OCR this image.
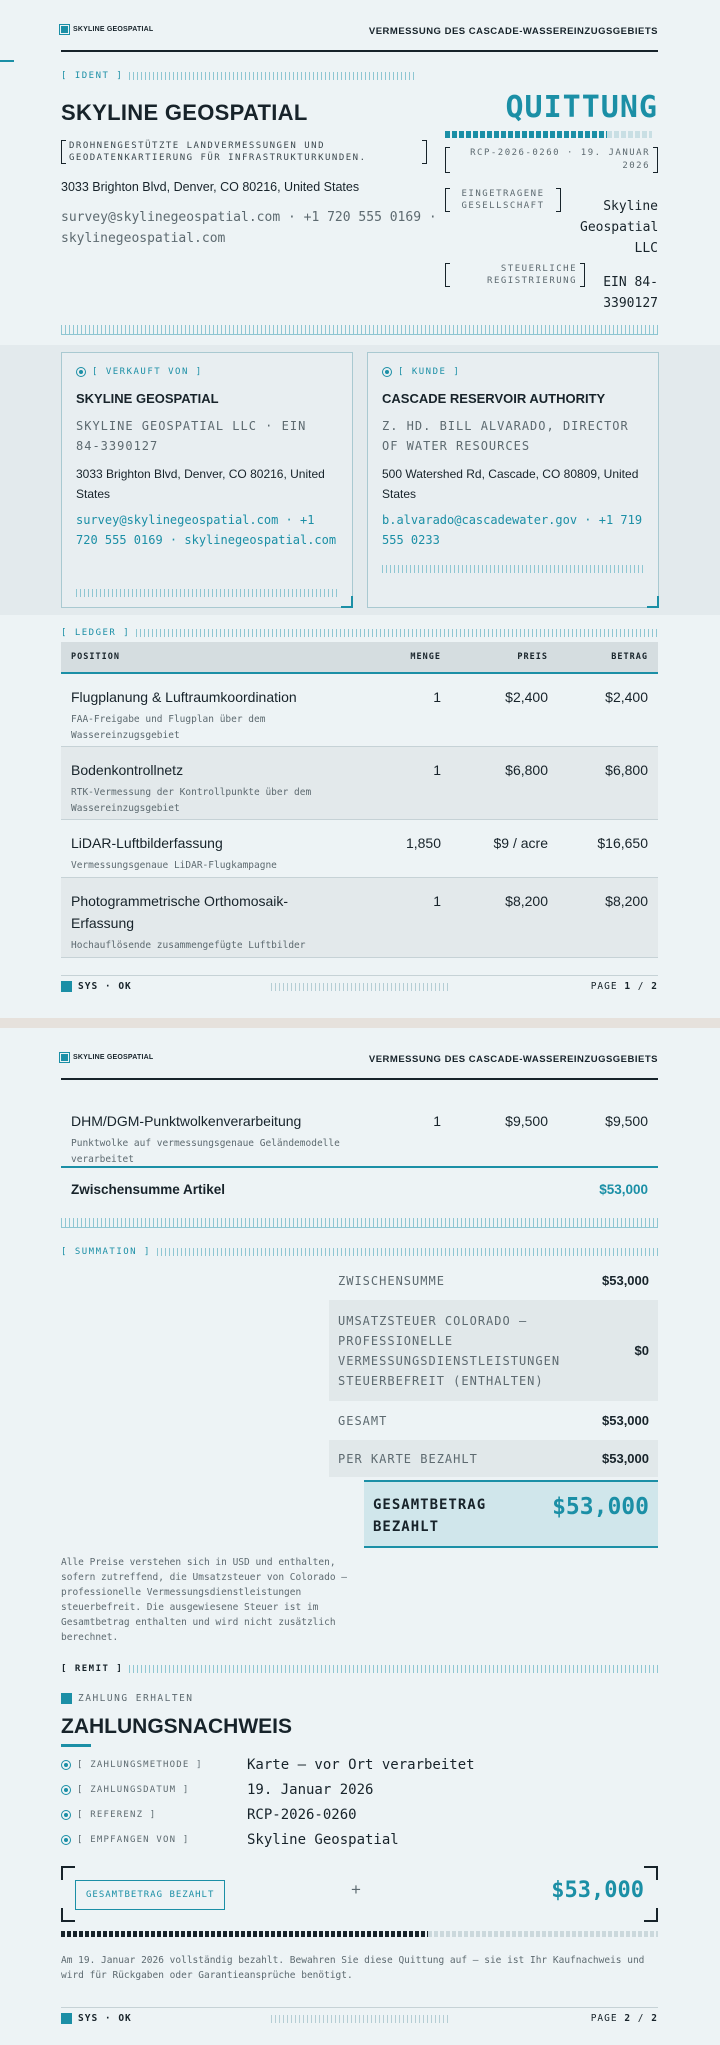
SKYLINE GEOSPATIAL	VERMESSUNG DES CASCADE-WASSEREINZUGSGEBIETS
[ IDENT ]
SKYLINE GEOSPATIAL
DROHNENGESTÜTZTE LANDVERMESSUNGEN UND GEODATENKARTIERUNG FÜR INFRASTRUKTURKUNDEN.
3033 Brighton Blvd, Denver, CO 80216, United States
survey@skylinegeospatial.com · +1 720 555 0169 ·
skylinegeospatial.com
QUITTUNG
RCP-2026-0260 · 19. JANUAR 2026
EINGETRAGENE GESELLSCHAFT	Skyline Geospatial LLC
STEUERLICHE REGISTRIERUNG	EIN 84-3390127
[ VERKAUFT VON ]
SKYLINE GEOSPATIAL
SKYLINE GEOSPATIAL LLC · EIN 84-3390127
3033 Brighton Blvd, Denver, CO 80216, United States
survey@skylinegeospatial.com · +1 720 555 0169 · skylinegeospatial.com
[ KUNDE ]
CASCADE RESERVOIR AUTHORITY
Z. HD. BILL ALVARADO, DIRECTOR OF WATER RESOURCES
500 Watershed Rd, Cascade, CO 80809, United States
b.alvarado@cascadewater.gov · +1 719 555 0233
[ LEDGER ]
POSITION	MENGE	PREIS	BETRAG
Flugplanung & Luftraumkoordination
FAA-Freigabe und Flugplan über dem Wassereinzugsgebiet
1	$2,400	$2,400
Bodenkontrollnetz
RTK-Vermessung der Kontrollpunkte über dem Wassereinzugsgebiet
1	$6,800	$6,800
LiDAR-Luftbilderfassung
Vermessungsgenaue LiDAR-Flugkampagne
1,850	$9 / acre	$16,650
Photogrammetrische Orthomosaik-Erfassung
Hochauflösende zusammengefügte Luftbilder
1	$8,200	$8,200
SYS · OK	PAGE 1 / 2
SKYLINE GEOSPATIAL	VERMESSUNG DES CASCADE-WASSEREINZUGSGEBIETS
DHM/DGM-Punktwolkenverarbeitung
Punktwolke auf vermessungsgenaue Geländemodelle verarbeitet
1	$9,500	$9,500
Zwischensumme Artikel	$53,000
[ SUMMATION ]
ZWISCHENSUMME	$53,000
UMSATZSTEUER COLORADO — PROFESSIONELLE VERMESSUNGSDIENSTLEISTUNGEN STEUERBEFREIT (ENTHALTEN)
$0
GESAMT	$53,000
PER KARTE BEZAHLT	$53,000
GESAMTBETRAG BEZAHLT
$53,000
Alle Preise verstehen sich in USD und enthalten, sofern zutreffend, die Umsatzsteuer von Colorado — professionelle Vermessungsdienstleistungen steuerbefreit. Die ausgewiesene Steuer ist im Gesamtbetrag enthalten und wird nicht zusätzlich berechnet.
[ REMIT ]
ZAHLUNG ERHALTEN
ZAHLUNGSNACHWEIS
[ ZAHLUNGSMETHODE ]	Karte — vor Ort verarbeitet
[ ZAHLUNGSDATUM ]	19. Januar 2026
[ REFERENZ ]	RCP-2026-0260
[ EMPFANGEN VON ]	Skyline Geospatial
GESAMTBETRAG BEZAHLT	+	$53,000
Am 19. Januar 2026 vollständig bezahlt. Bewahren Sie diese Quittung auf — sie ist Ihr Kaufnachweis und wird für Rückgaben oder Garantieansprüche benötigt.
SYS · OK	PAGE 2 / 2
